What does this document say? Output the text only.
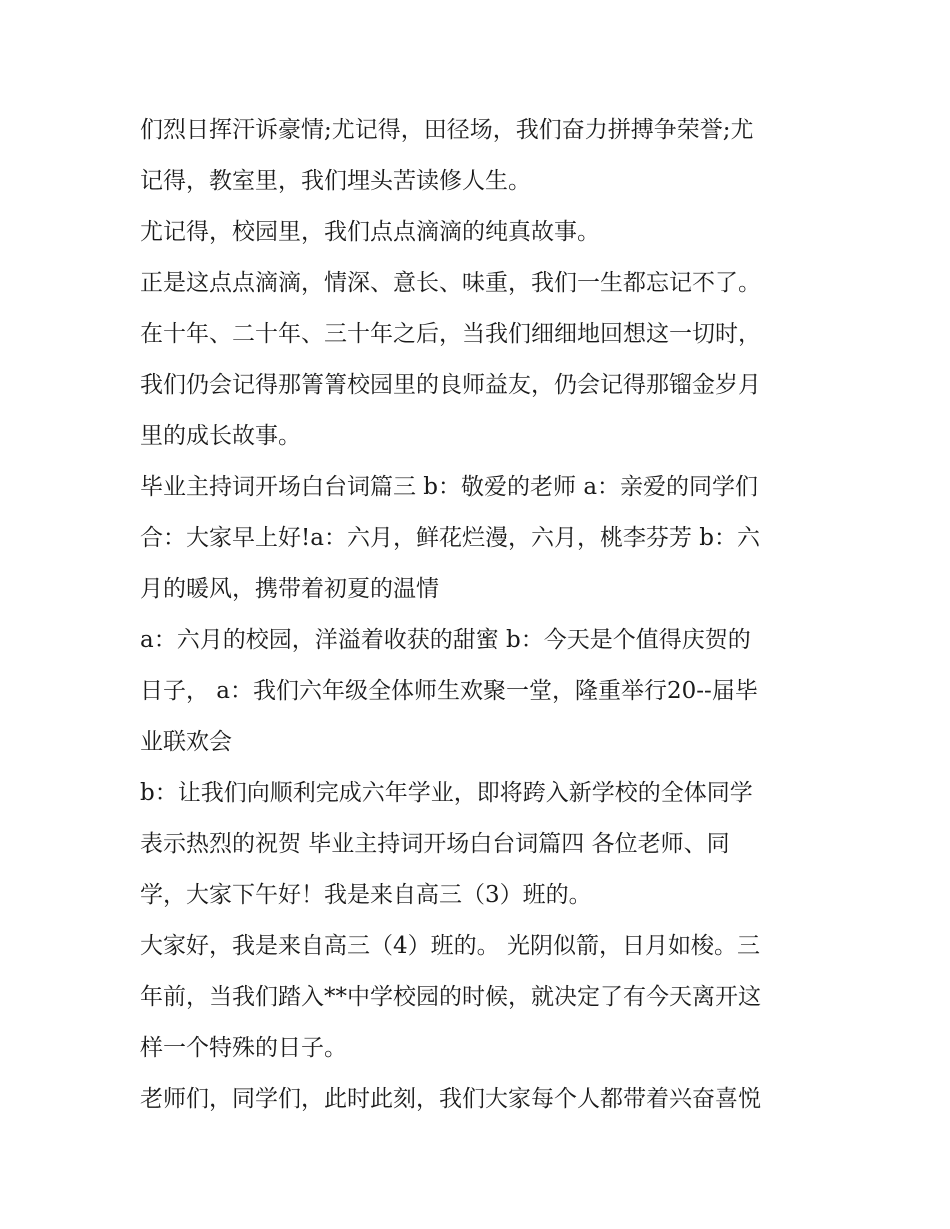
们烈日挥汗诉豪情;尤记得，田径场，我们奋力拼搏争荣誉;尤
记得，教室里，我们埋头苦读修人生。
尤记得，校园里，我们点点滴滴的纯真故事。
正是这点点滴滴，情深、意长、味重，我们一生都忘记不了。
在十年、二十年、三十年之后，当我们细细地回想这一切时，
我们仍会记得那箐箐校园里的良师益友，仍会记得那镏金岁月
里的成长故事。
毕业主持词开场白台词篇三 b：敬爱的老师 a：亲爱的同学们
合：大家早上好!a：六月，鲜花烂漫，六月，桃李芬芳 b：六
月的暖风，携带着初夏的温情
a：六月的校园，洋溢着收获的甜蜜 b：今天是个值得庆贺的
日子， a：我们六年级全体师生欢聚一堂，隆重举行20--届毕
业联欢会
b：让我们向顺利完成六年学业，即将跨入新学校的全体同学
表示热烈的祝贺 毕业主持词开场白台词篇四 各位老师、同
学，大家下午好！我是来自高三（3）班的。
大家好，我是来自高三（4）班的。 光阴似箭，日月如梭。三
年前，当我们踏入**中学校园的时候，就决定了有今天离开这
样一个特殊的日子。
老师们，同学们，此时此刻，我们大家每个人都带着兴奋喜悦
